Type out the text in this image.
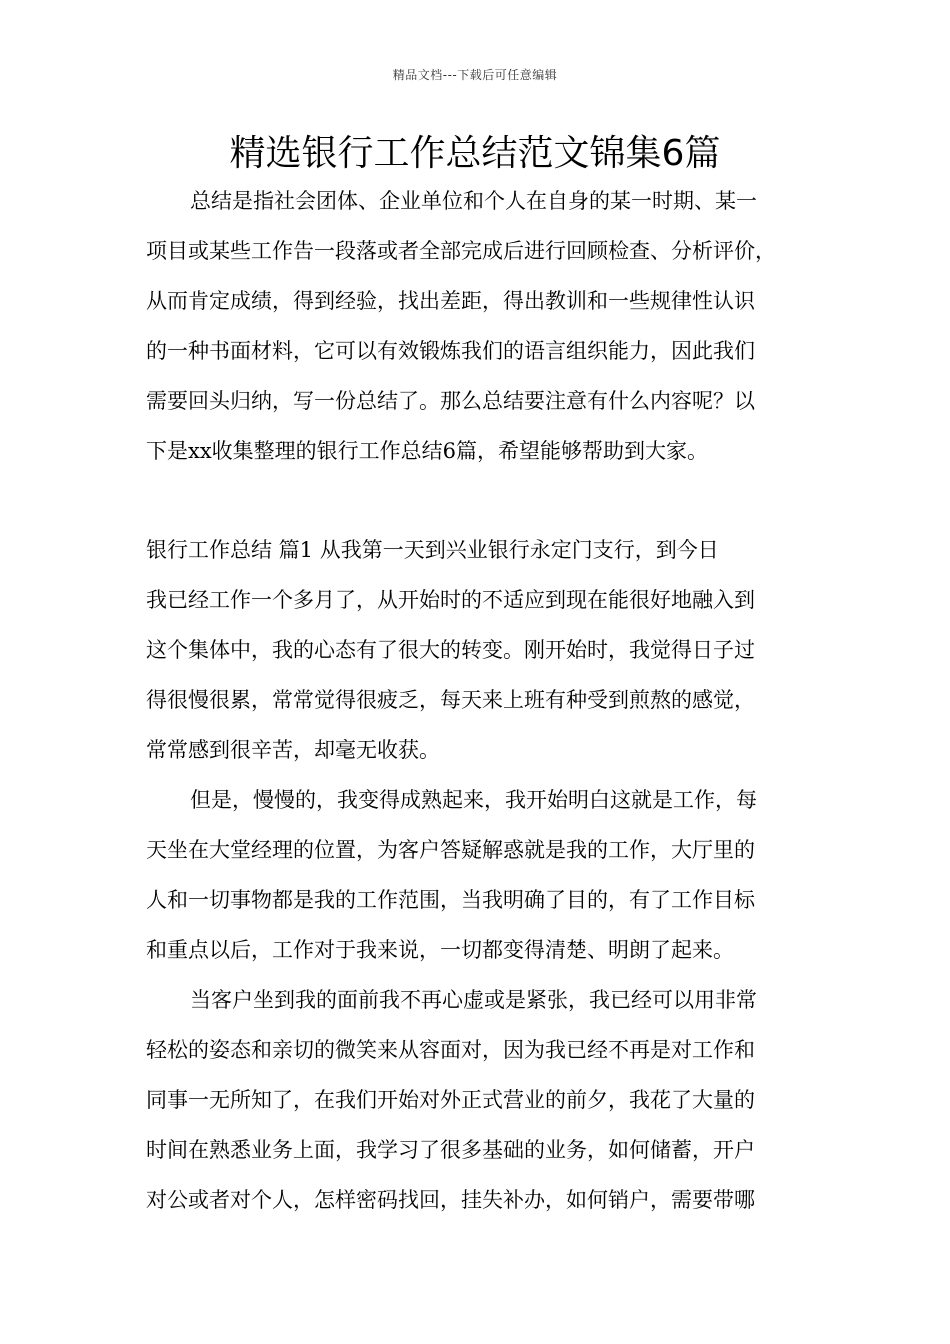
精品文档---下载后可任意编辑
精选银行工作总结范文锦集6篇
总结是指社会团体、企业单位和个人在自身的某一时期、某一
项目或某些工作告一段落或者全部完成后进行回顾检查、分析评价，
从而肯定成绩，得到经验，找出差距，得出教训和一些规律性认识
的一种书面材料，它可以有效锻炼我们的语言组织能力，因此我们
需要回头归纳，写一份总结了。那么总结要注意有什么内容呢？以
下是xx收集整理的银行工作总结6篇，希望能够帮助到大家。
银行工作总结 篇1 从我第一天到兴业银行永定门支行，到今日
我已经工作一个多月了，从开始时的不适应到现在能很好地融入到
这个集体中，我的心态有了很大的转变。刚开始时，我觉得日子过
得很慢很累，常常觉得很疲乏，每天来上班有种受到煎熬的感觉，
常常感到很辛苦，却毫无收获。
但是，慢慢的，我变得成熟起来，我开始明白这就是工作，每
天坐在大堂经理的位置，为客户答疑解惑就是我的工作，大厅里的
人和一切事物都是我的工作范围，当我明确了目的，有了工作目标
和重点以后，工作对于我来说，一切都变得清楚、明朗了起来。
当客户坐到我的面前我不再心虚或是紧张，我已经可以用非常
轻松的姿态和亲切的微笑来从容面对，因为我已经不再是对工作和
同事一无所知了，在我们开始对外正式营业的前夕，我花了大量的
时间在熟悉业务上面，我学习了很多基础的业务，如何储蓄，开户
对公或者对个人，怎样密码找回，挂失补办，如何销户，需要带哪
